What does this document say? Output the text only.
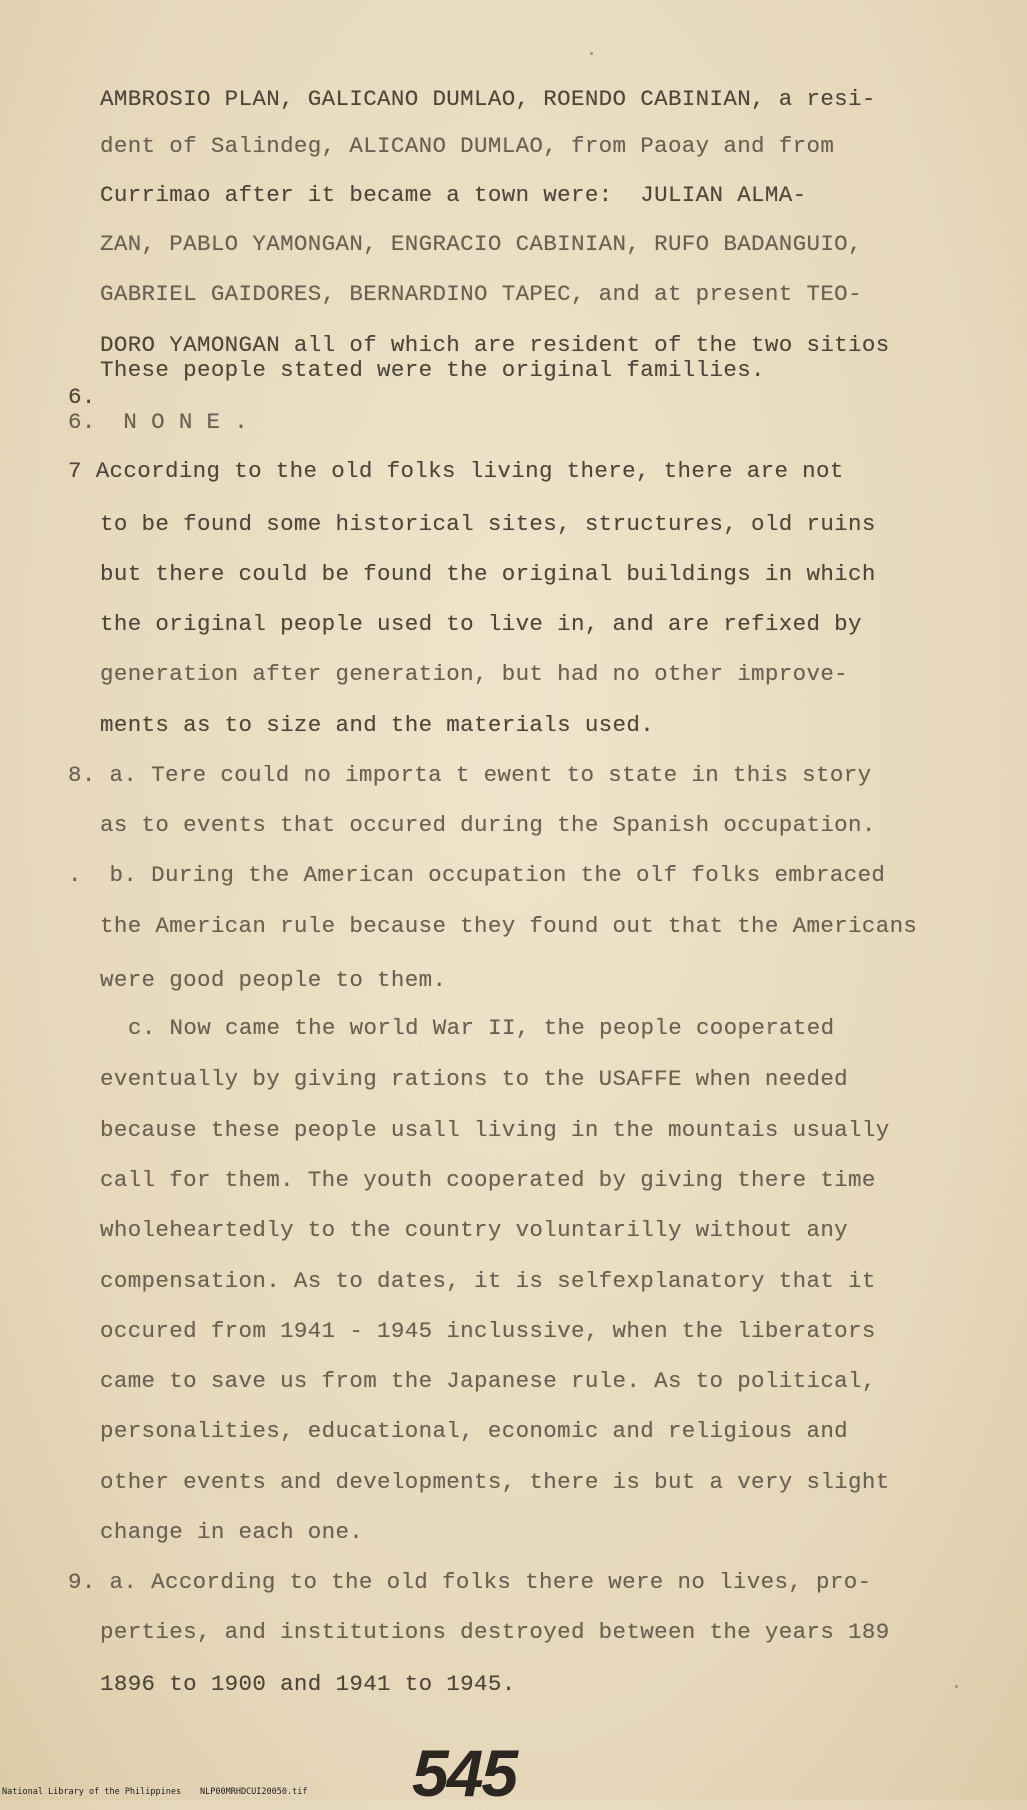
AMBROSIO PLAN, GALICANO DUMLAO, ROENDO CABINIAN, a resi-
dent of Salindeg, ALICANO DUMLAO, from Paoay and from
Currimao after it became a town were:  JULIAN ALMA-
ZAN, PABLO YAMONGAN, ENGRACIO CABINIAN, RUFO BADANGUIO,
GABRIEL GAIDORES, BERNARDINO TAPEC, and at present TEO-
DORO YAMONGAN all of which are resident of the two sitios
These people stated were the original famillies.
6.
6.  N O N E .
7 According to the old folks living there, there are not
to be found some historical sites, structures, old ruins
but there could be found the original buildings in which
the original people used to live in, and are refixed by
generation after generation, but had no other improve-
ments as to size and the materials used.
8. a. Tere could no importa t ewent to state in this story
as to events that occured during the Spanish occupation.
.  b. During the American occupation the olf folks embraced
the American rule because they found out that the Americans
were good people to them.
c. Now came the world War II, the people cooperated
eventually by giving rations to the USAFFE when needed
because these people usall living in the mountais usually
call for them. The youth cooperated by giving there time
wholeheartedly to the country voluntarilly without any
compensation. As to dates, it is selfexplanatory that it
occured from 1941 - 1945 inclussive, when the liberators
came to save us from the Japanese rule. As to political,
personalities, educational, economic and religious and
other events and developments, there is but a very slight
change in each one.
9. a. According to the old folks there were no lives, pro-
perties, and institutions destroyed between the years 189
1896 to 1900 and 1941 to 1945.
545
National Library of the Philippines NLP00MRHDCUI20050.tif
